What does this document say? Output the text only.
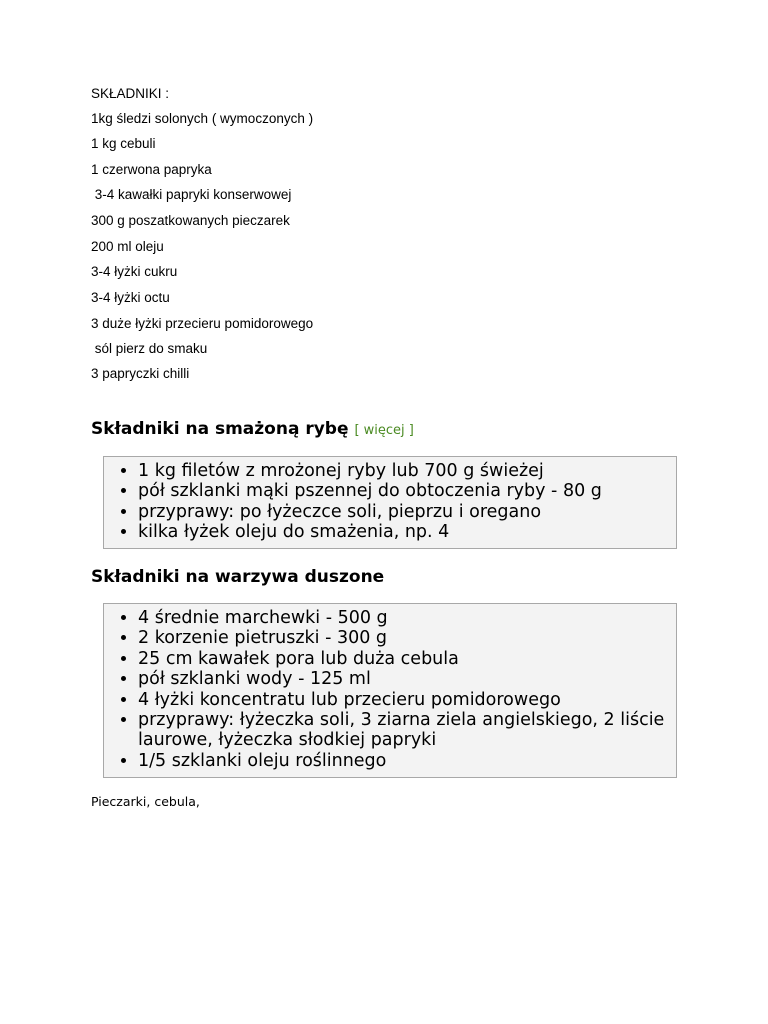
SKŁADNIKI :
1kg śledzi solonych ( wymoczonych )
1 kg cebuli
1 czerwona papryka
3-4 kawałki papryki konserwowej
300 g poszatkowanych pieczarek
200 ml oleju
3-4 łyżki cukru
3-4 łyżki octu
3 duże łyżki przecieru pomidorowego
sól pierz do smaku
3 papryczki chilli
Składniki na smażoną rybę [ więcej ]
• 1 kg filetów z mrożonej ryby lub 700 g świeżej
• pół szklanki mąki pszennej do obtoczenia ryby - 80 g
• przyprawy: po łyżeczce soli, pieprzu i oregano
• kilka łyżek oleju do smażenia, np. 4
Składniki na warzywa duszone
• 4 średnie marchewki - 500 g
• 2 korzenie pietruszki - 300 g
• 25 cm kawałek pora lub duża cebula
• pół szklanki wody - 125 ml
• 4 łyżki koncentratu lub przecieru pomidorowego
• przyprawy: łyżeczka soli, 3 ziarna ziela angielskiego, 2 liście laurowe, łyżeczka słodkiej papryki
• 1/5 szklanki oleju roślinnego
Pieczarki, cebula,
